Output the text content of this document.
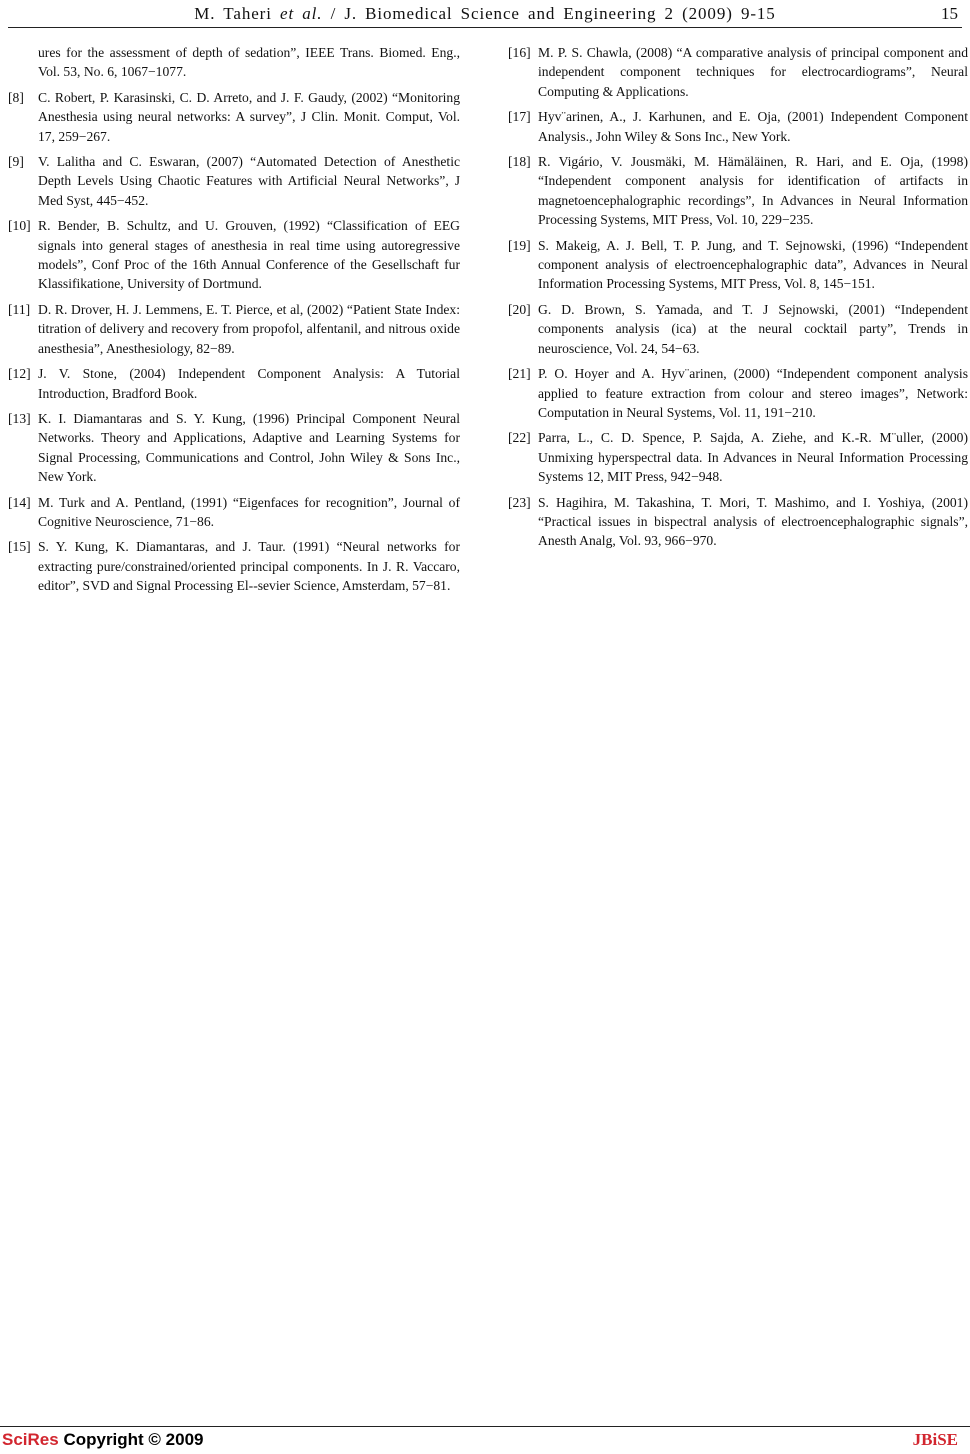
M. Taheri et al. / J. Biomedical Science and Engineering 2 (2009) 9-15	15
ures for the assessment of depth of sedation”, IEEE Trans. Biomed. Eng., Vol. 53, No. 6, 1067−1077.
[8] C. Robert, P. Karasinski, C. D. Arreto, and J. F. Gaudy, (2002) “Monitoring Anesthesia using neural networks: A survey”, J Clin. Monit. Comput, Vol. 17, 259−267.
[9] V. Lalitha and C. Eswaran, (2007) “Automated Detection of Anesthetic Depth Levels Using Chaotic Features with Artificial Neural Networks”, J Med Syst, 445−452.
[10] R. Bender, B. Schultz, and U. Grouven, (1992) “Classification of EEG signals into general stages of anesthesia in real time using autoregressive models”, Conf Proc of the 16th Annual Conference of the Gesellschaft fur Klassifikatione, University of Dortmund.
[11] D. R. Drover, H. J. Lemmens, E. T. Pierce, et al, (2002) “Patient State Index: titration of delivery and recovery from propofol, alfentanil, and nitrous oxide anesthesia”, Anesthesiology, 82−89.
[12] J. V. Stone, (2004) Independent Component Analysis: A Tutorial Introduction, Bradford Book.
[13] K. I. Diamantaras and S. Y. Kung, (1996) Principal Component Neural Networks. Theory and Applications, Adaptive and Learning Systems for Signal Processing, Communications and Control, John Wiley & Sons Inc., New York.
[14] M. Turk and A. Pentland, (1991) “Eigenfaces for recognition”, Journal of Cognitive Neuroscience, 71−86.
[15] S. Y. Kung, K. Diamantaras, and J. Taur. (1991) “Neural networks for extracting pure/constrained/oriented principal components. In J. R. Vaccaro, editor”, SVD and Signal Processing El--sevier Science, Amsterdam, 57−81.
[16] M. P. S. Chawla, (2008) “A comparative analysis of principal component and independent component techniques for electrocardiograms”, Neural Computing & Applications.
[17] Hyv¨arinen, A., J. Karhunen, and E. Oja, (2001) Independent Component Analysis., John Wiley & Sons Inc., New York.
[18] R. Vigário, V. Jousmäki, M. Hämäläinen, R. Hari, and E. Oja, (1998) “Independent component analysis for identification of artifacts in magnetoencephalographic recordings”, In Advances in Neural Information Processing Systems, MIT Press, Vol. 10, 229−235.
[19] S. Makeig, A. J. Bell, T. P. Jung, and T. Sejnowski, (1996) “Independent component analysis of electroencephalographic data”, Advances in Neural Information Processing Systems, MIT Press, Vol. 8, 145−151.
[20] G. D. Brown, S. Yamada, and T. J Sejnowski, (2001) “Independent components analysis (ica) at the neural cocktail party”, Trends in neuroscience, Vol. 24, 54−63.
[21] P. O. Hoyer and A. Hyv¨arinen, (2000) “Independent component analysis applied to feature extraction from colour and stereo images”, Network: Computation in Neural Systems, Vol. 11, 191−210.
[22] Parra, L., C. D. Spence, P. Sajda, A. Ziehe, and K.-R. M¨uller, (2000) Unmixing hyperspectral data. In Advances in Neural Information Processing Systems 12, MIT Press, 942−948.
[23] S. Hagihira, M. Takashina, T. Mori, T. Mashimo, and I. Yoshiya, (2001) “Practical issues in bispectral analysis of electroencephalographic signals”, Anesth Analg, Vol. 93, 966−970.
SciRes Copyright © 2009	JBiSE
